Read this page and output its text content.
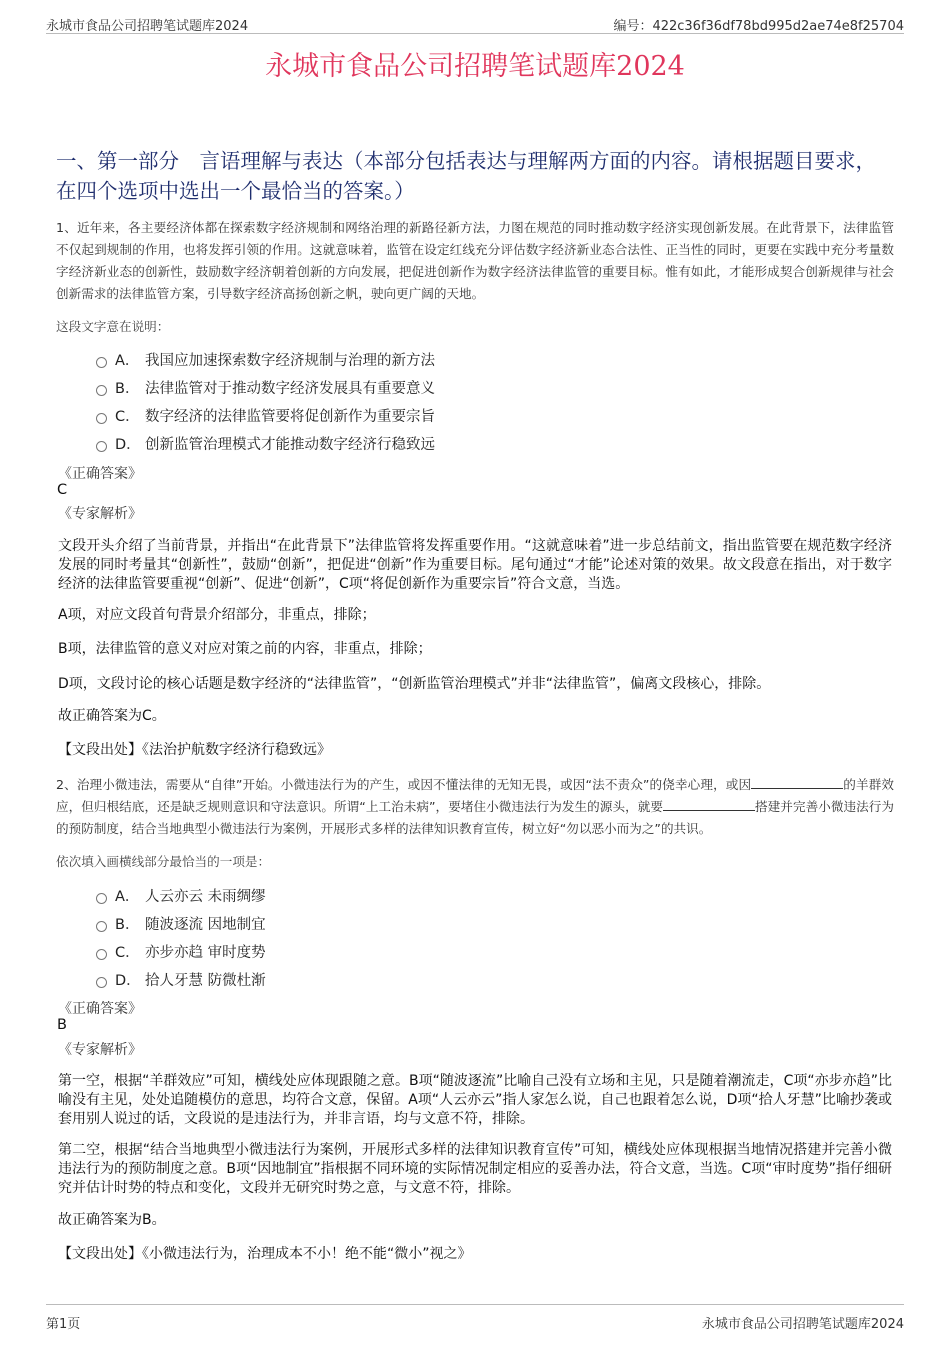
永城市食品公司招聘笔试题库2024	编号：422c36f36df78bd995d2ae74e8f25704
永城市食品公司招聘笔试题库2024
一、第一部分　言语理解与表达（本部分包括表达与理解两方面的内容。请根据题目要求，在四个选项中选出一个最恰当的答案。）
1、近年来，各主要经济体都在探索数字经济规制和网络治理的新路径新方法，力图在规范的同时推动数字经济实现创新发展。在此背景下，法律监管不仅起到规制的作用，也将发挥引领的作用。这就意味着，监管在设定红线充分评估数字经济新业态合法性、正当性的同时，更要在实践中充分考量数字经济新业态的创新性，鼓励数字经济朝着创新的方向发展，把促进创新作为数字经济法律监管的重要目标。惟有如此，才能形成契合创新规律与社会创新需求的法律监管方案，引导数字经济高扬创新之帆，驶向更广阔的天地。
这段文字意在说明：
A． 我国应加速探索数字经济规制与治理的新方法
B． 法律监管对于推动数字经济发展具有重要意义
C． 数字经济的法律监管要将促创新作为重要宗旨
D． 创新监管治理模式才能推动数字经济行稳致远
《正确答案》
C
《专家解析》
文段开头介绍了当前背景，并指出“在此背景下”法律监管将发挥重要作用。“这就意味着”进一步总结前文，指出监管要在规范数字经济发展的同时考量其“创新性”，鼓励“创新”，把促进“创新”作为重要目标。尾句通过“才能”论述对策的效果。故文段意在指出，对于数字经济的法律监管要重视“创新”、促进“创新”，C项“将促创新作为重要宗旨”符合文意，当选。
A项，对应文段首句背景介绍部分，非重点，排除；
B项，法律监管的意义对应对策之前的内容，非重点，排除；
D项，文段讨论的核心话题是数字经济的“法律监管”，“创新监管治理模式”并非“法律监管”，偏离文段核心，排除。
故正确答案为C。
【文段出处】《法治护航数字经济行稳致远》
2、治理小微违法，需要从“自律”开始。小微违法行为的产生，或因不懂法律的无知无畏，或因“法不责众”的侥幸心理，或因	的羊群效应，但归根结底，还是缺乏规则意识和守法意识。所谓“上工治未病”，要堵住小微违法行为发生的源头，就要	搭建并完善小微违法行为的预防制度，结合当地典型小微违法行为案例，开展形式多样的法律知识教育宣传，树立好“勿以恶小而为之”的共识。
依次填入画横线部分最恰当的一项是：
A． 人云亦云 未雨绸缪
B． 随波逐流 因地制宜
C． 亦步亦趋 审时度势
D． 拾人牙慧 防微杜渐
《正确答案》
B
《专家解析》
第一空，根据“羊群效应”可知，横线处应体现跟随之意。B项“随波逐流”比喻自己没有立场和主见，只是随着潮流走，C项“亦步亦趋”比喻没有主见，处处追随模仿的意思，均符合文意，保留。A项“人云亦云”指人家怎么说，自己也跟着怎么说，D项“拾人牙慧”比喻抄袭或套用别人说过的话，文段说的是违法行为，并非言语，均与文意不符，排除。
第二空，根据“结合当地典型小微违法行为案例，开展形式多样的法律知识教育宣传”可知，横线处应体现根据当地情况搭建并完善小微违法行为的预防制度之意。B项“因地制宜”指根据不同环境的实际情况制定相应的妥善办法，符合文意，当选。C项“审时度势”指仔细研究并估计时势的特点和变化，文段并无研究时势之意，与文意不符，排除。
故正确答案为B。
【文段出处】《小微违法行为，治理成本不小！绝不能“微小”视之》
第1页	永城市食品公司招聘笔试题库2024
